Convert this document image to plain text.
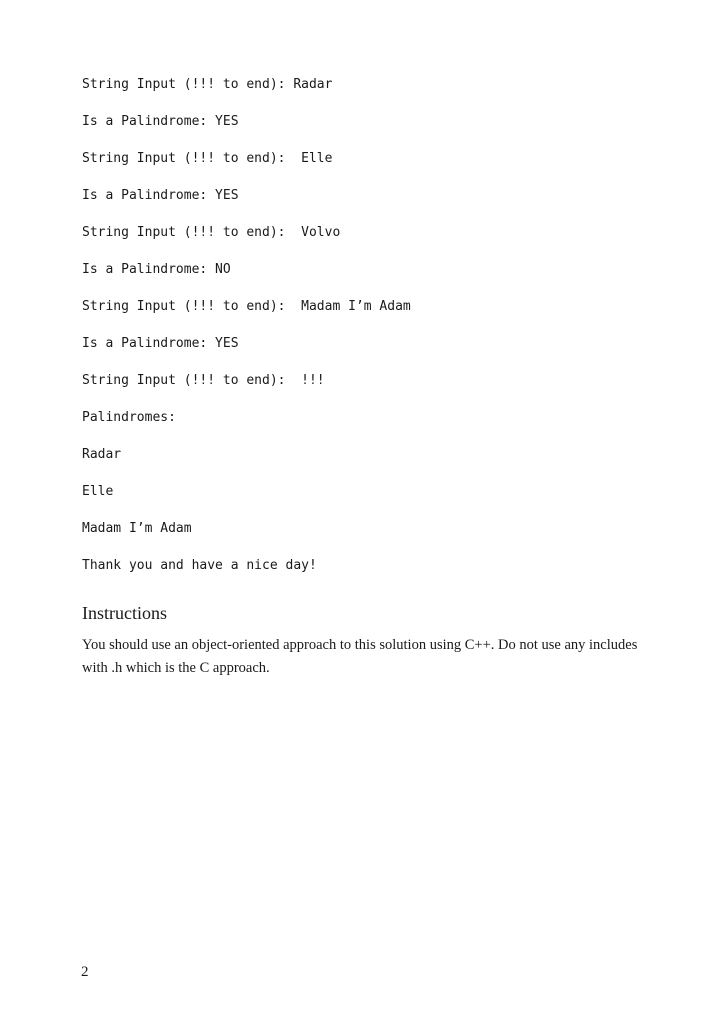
String Input (!!! to end): Radar
Is a Palindrome: YES
String Input (!!! to end):  Elle
Is a Palindrome: YES
String Input (!!! to end):  Volvo
Is a Palindrome: NO
String Input (!!! to end):  Madam I’m Adam
Is a Palindrome: YES
String Input (!!! to end):  !!!
Palindromes:
Radar
Elle
Madam I’m Adam
Thank you and have a nice day!
Instructions

You should use an object-oriented approach to this solution using C++. Do not use any includes with .h which is the C approach.

2
